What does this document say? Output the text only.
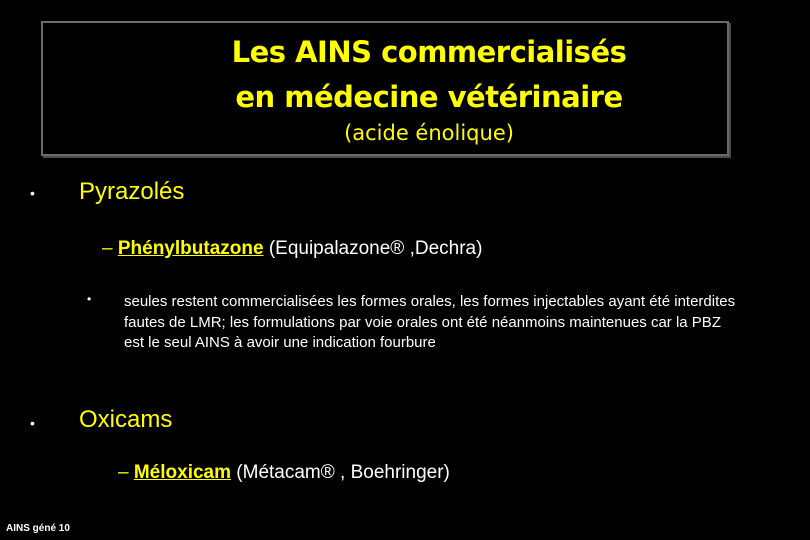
Les AINS commercialisés
en médecine vétérinaire
(acide énolique)
• Pyrazolés
– Phénylbutazone (Equipalazone® ,Dechra)
• seules restent commercialisées les formes orales, les formes injectables ayant été interdites fautes de LMR; les formulations par voie orales ont été néanmoins maintenues car la PBZ est le seul AINS à avoir une indication fourbure
• Oxicams
– Méloxicam (Métacam® , Boehringer)
AINS géné 10
